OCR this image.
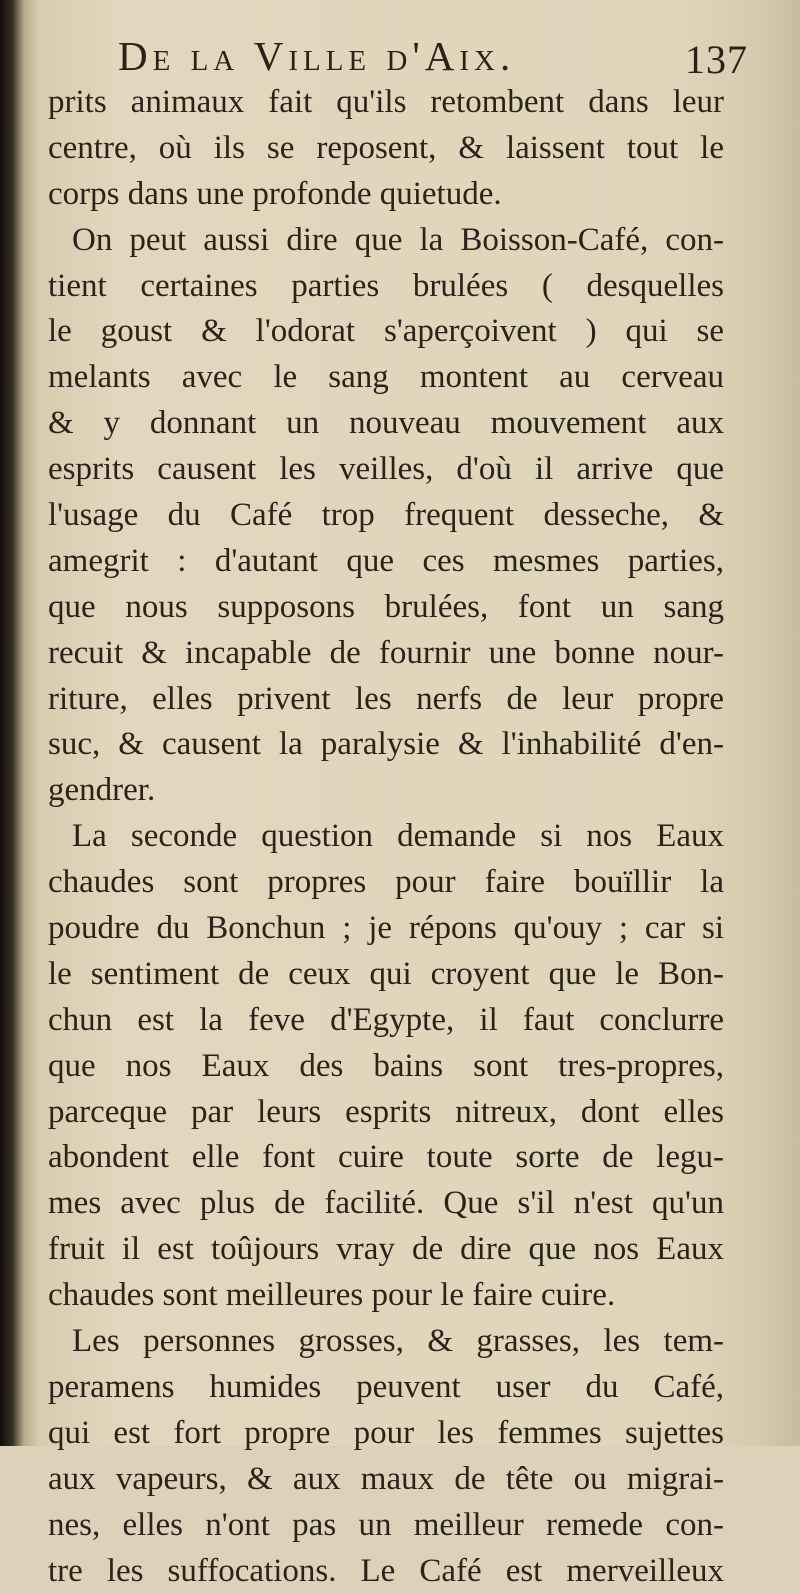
De la Ville d'Aix.	137
prits animaux fait qu'ils retombent dans leur
centre, où ils se reposent, & laissent tout le
corps dans une profonde quietude.
On peut aussi dire que la Boisson-Café, con-
tient certaines parties brulées ( desquelles
le goust & l'odorat s'aperçoivent ) qui se
melants avec le sang montent au cerveau
& y donnant un nouveau mouvement aux
esprits causent les veilles, d'où il arrive que
l'usage du Café trop frequent desseche, &
amegrit : d'autant que ces mesmes parties,
que nous supposons brulées, font un sang
recuit & incapable de fournir une bonne nour-
riture, elles privent les nerfs de leur propre
suc, & causent la paralysie & l'inhabilité d'en-
gendrer.
La seconde question demande si nos Eaux
chaudes sont propres pour faire bouïllir la
poudre du Bonchun ; je répons qu'ouy ; car si
le sentiment de ceux qui croyent que le Bon-
chun est la feve d'Egypte, il faut conclurre
que nos Eaux des bains sont tres-propres,
parceque par leurs esprits nitreux, dont elles
abondent elle font cuire toute sorte de legu-
mes avec plus de facilité. Que s'il n'est qu'un
fruit il est toûjours vray de dire que nos Eaux
chaudes sont meilleures pour le faire cuire.
Les personnes grosses, & grasses, les tem-
peramens humides peuvent user du Café,
qui est fort propre pour les femmes sujettes
aux vapeurs, & aux maux de tête ou migrai-
nes, elles n'ont pas un meilleur remede con-
tre les suffocations. Le Café est merveilleux
